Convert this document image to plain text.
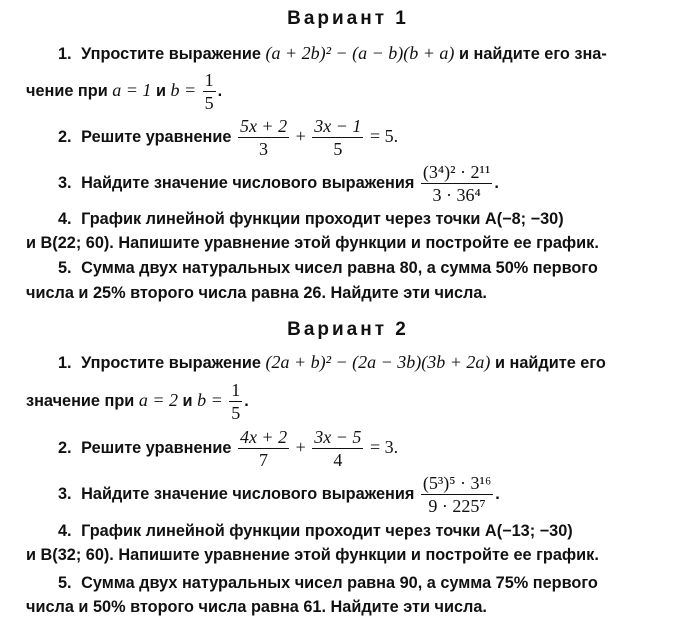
Вариант 1
1. Упростите выражение (a + 2b)² − (a − b)(b + a) и найдите его зна-
чение при a = 1 и $b = \frac{1}{5}$ .
2. Решите уравнение $\frac{5x + 2}{3} + \frac{3x - 1}{5} = 5$.
3. Найдите значение числового выражения $\frac{\text{(3⁴)² · 2¹¹}}{\text{3 · 36⁴}}$ .
4. График линейной функции проходит через точки A(−8; −30)
и B(22; 60). Напишите уравнение этой функции и постройте ее график.
5. Сумма двух натуральных чисел равна 80, а сумма 50% первого
числа и 25% второго числа равна 26. Найдите эти числа.
Вариант 2
1. Упростите выражение (2a + b)² − (2a − 3b)(3b + 2a) и найдите его
значение при a = 2 и $b = \frac{1}{5}$ .
2. Решите уравнение $\frac{4x + 2}{7} + \frac{3x - 5}{4} = 3$.
3. Найдите значение числового выражения $\frac{\text{(5³)⁵ · 3¹⁶}}{\text{9 · 225⁷}}$ .
4. График линейной функции проходит через точки A(−13; −30)
и B(32; 60). Напишите уравнение этой функции и постройте ее график.
5. Сумма двух натуральных чисел равна 90, а сумма 75% первого
числа и 50% второго числа равна 61. Найдите эти числа.
